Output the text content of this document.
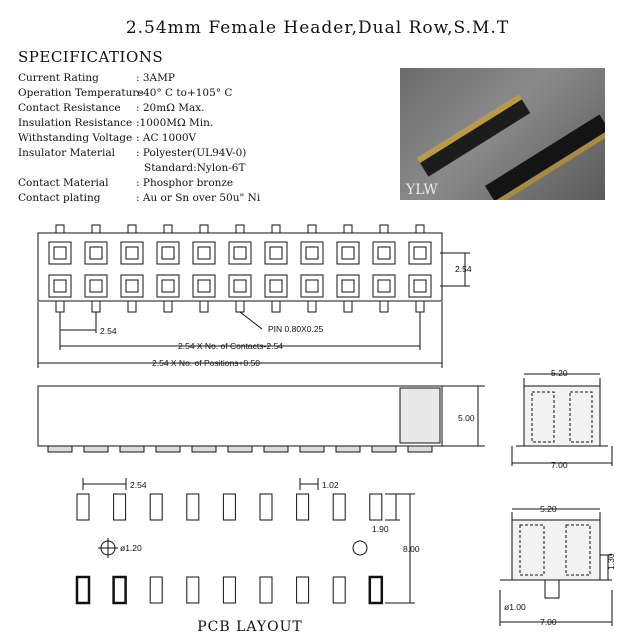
2.54mm Female Header,Dual Row,S.M.T
SPECIFICATIONS
Current Rating	: 3AMP
Operation Temperature
:-40° C to+105° C
Contact Resistance	: 20mΩ Max.
Insulation Resistance :1000MΩ Min.
Withstanding Voltage : AC 1000V
Insulator Material	: Polyester(UL94V-0)
Standard:Nylon-6T
Contact Material	: Phosphor bronze
Contact plating	: Au or Sn over 50u" Ni	YLW
2.54
2.54	PIN 0.80X0.25
2.54 X No. of Contacts-2.54
2.54 X No. of Positions+0.50
5.00
5.20
7.00
2.54	1.02
1.90
8.00
ø1.20
5.20
1.30
ø1.00
7.00
PCB LAYOUT
